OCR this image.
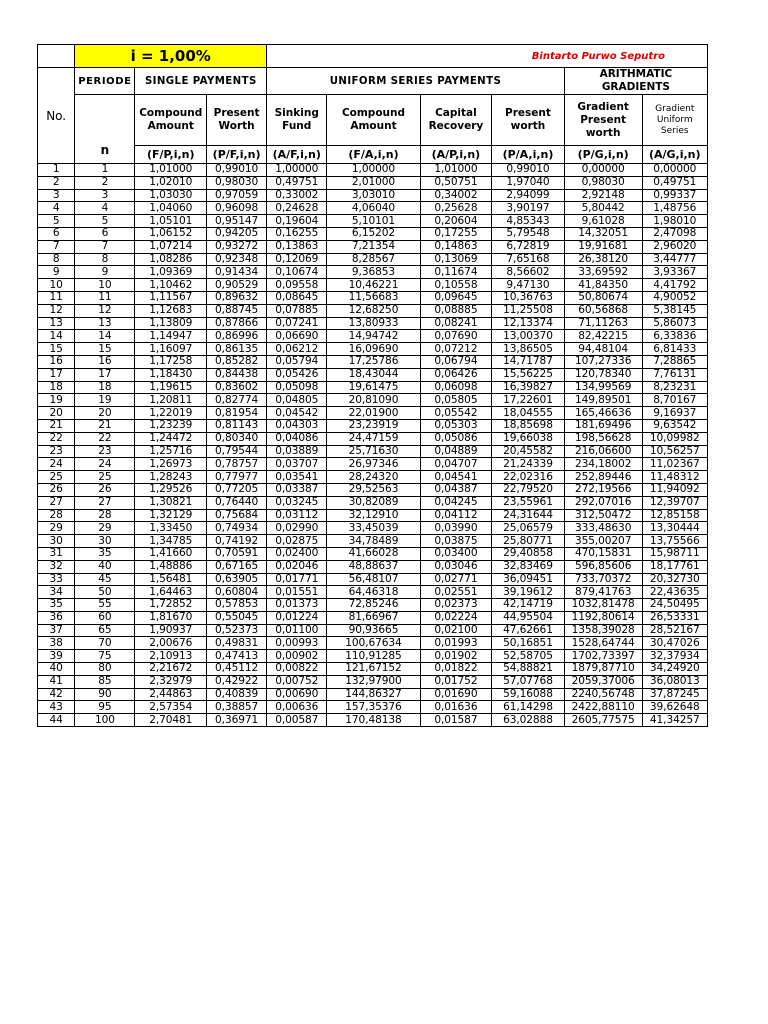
	i = 1,00%			Bintarto Purwo Seputro					
No.	PERIODE	SINGLE PAYMENTS		UNIFORM SERIES PAYMENTS				ARITHMATIC GRADIENTS	
	n	Compound Amount	Present Worth	Sinking Fund	Compound Amount	Capital Recovery	Present worth	Gradient Present worth	Gradient Uniform Series
		(F/P,i,n)	(P/F,i,n)	(A/F,i,n)	(F/A,i,n)	(A/P,i,n)	(P/A,i,n)	(P/G,i,n)	(A/G,i,n)
1	1	1,01000	0,99010	1,00000	1,00000	1,01000	0,99010	0,00000	0,00000
2	2	1,02010	0,98030	0,49751	2,01000	0,50751	1,97040	0,98030	0,49751
3	3	1,03030	0,97059	0,33002	3,03010	0,34002	2,94099	2,92148	0,99337
4	4	1,04060	0,96098	0,24628	4,06040	0,25628	3,90197	5,80442	1,48756
5	5	1,05101	0,95147	0,19604	5,10101	0,20604	4,85343	9,61028	1,98010
6	6	1,06152	0,94205	0,16255	6,15202	0,17255	5,79548	14,32051	2,47098
7	7	1,07214	0,93272	0,13863	7,21354	0,14863	6,72819	19,91681	2,96020
8	8	1,08286	0,92348	0,12069	8,28567	0,13069	7,65168	26,38120	3,44777
9	9	1,09369	0,91434	0,10674	9,36853	0,11674	8,56602	33,69592	3,93367
10	10	1,10462	0,90529	0,09558	10,46221	0,10558	9,47130	41,84350	4,41792
11	11	1,11567	0,89632	0,08645	11,56683	0,09645	10,36763	50,80674	4,90052
12	12	1,12683	0,88745	0,07885	12,68250	0,08885	11,25508	60,56868	5,38145
13	13	1,13809	0,87866	0,07241	13,80933	0,08241	12,13374	71,11263	5,86073
14	14	1,14947	0,86996	0,06690	14,94742	0,07690	13,00370	82,42215	6,33836
15	15	1,16097	0,86135	0,06212	16,09690	0,07212	13,86505	94,48104	6,81433
16	16	1,17258	0,85282	0,05794	17,25786	0,06794	14,71787	107,27336	7,28865
17	17	1,18430	0,84438	0,05426	18,43044	0,06426	15,56225	120,78340	7,76131
18	18	1,19615	0,83602	0,05098	19,61475	0,06098	16,39827	134,99569	8,23231
19	19	1,20811	0,82774	0,04805	20,81090	0,05805	17,22601	149,89501	8,70167
20	20	1,22019	0,81954	0,04542	22,01900	0,05542	18,04555	165,46636	9,16937
21	21	1,23239	0,81143	0,04303	23,23919	0,05303	18,85698	181,69496	9,63542
22	22	1,24472	0,80340	0,04086	24,47159	0,05086	19,66038	198,56628	10,09982
23	23	1,25716	0,79544	0,03889	25,71630	0,04889	20,45582	216,06600	10,56257
24	24	1,26973	0,78757	0,03707	26,97346	0,04707	21,24339	234,18002	11,02367
25	25	1,28243	0,77977	0,03541	28,24320	0,04541	22,02316	252,89446	11,48312
26	26	1,29526	0,77205	0,03387	29,52563	0,04387	22,79520	272,19566	11,94092
27	27	1,30821	0,76440	0,03245	30,82089	0,04245	23,55961	292,07016	12,39707
28	28	1,32129	0,75684	0,03112	32,12910	0,04112	24,31644	312,50472	12,85158
29	29	1,33450	0,74934	0,02990	33,45039	0,03990	25,06579	333,48630	13,30444
30	30	1,34785	0,74192	0,02875	34,78489	0,03875	25,80771	355,00207	13,75566
31	35	1,41660	0,70591	0,02400	41,66028	0,03400	29,40858	470,15831	15,98711
32	40	1,48886	0,67165	0,02046	48,88637	0,03046	32,83469	596,85606	18,17761
33	45	1,56481	0,63905	0,01771	56,48107	0,02771	36,09451	733,70372	20,32730
34	50	1,64463	0,60804	0,01551	64,46318	0,02551	39,19612	879,41763	22,43635
35	55	1,72852	0,57853	0,01373	72,85246	0,02373	42,14719	1032,81478	24,50495
36	60	1,81670	0,55045	0,01224	81,66967	0,02224	44,95504	1192,80614	26,53331
37	65	1,90937	0,52373	0,01100	90,93665	0,02100	47,62661	1358,39028	28,52167
38	70	2,00676	0,49831	0,00993	100,67634	0,01993	50,16851	1528,64744	30,47026
39	75	2,10913	0,47413	0,00902	110,91285	0,01902	52,58705	1702,73397	32,37934
40	80	2,21672	0,45112	0,00822	121,67152	0,01822	54,88821	1879,87710	34,24920
41	85	2,32979	0,42922	0,00752	132,97900	0,01752	57,07768	2059,37006	36,08013
42	90	2,44863	0,40839	0,00690	144,86327	0,01690	59,16088	2240,56748	37,87245
43	95	2,57354	0,38857	0,00636	157,35376	0,01636	61,14298	2422,88110	39,62648
44	100	2,70481	0,36971	0,00587	170,48138	0,01587	63,02888	2605,77575	41,34257
